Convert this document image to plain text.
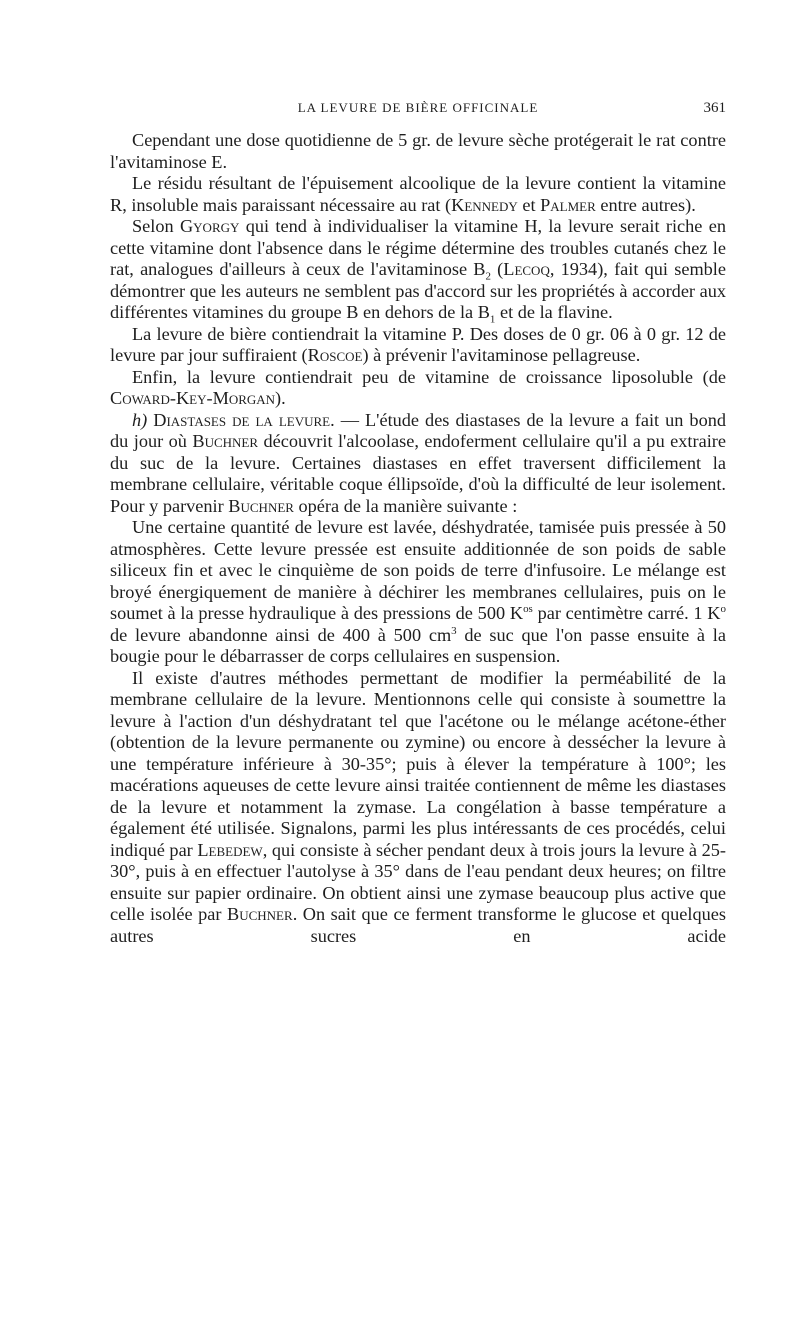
LA LEVURE DE BIÈRE OFFICINALE	361

Cependant une dose quotidienne de 5 gr. de levure sèche protégerait le rat contre l'avitaminose E.

Le résidu résultant de l'épuisement alcoolique de la levure contient la vitamine R, insoluble mais paraissant nécessaire au rat (Kennedy et Palmer entre autres).

Selon Gyorgy qui tend à individualiser la vitamine H, la levure serait riche en cette vitamine dont l'absence dans le régime détermine des troubles cutanés chez le rat, analogues d'ailleurs à ceux de l'avitaminose $B_2$ (Lecoq, 1934), fait qui semble démontrer que les auteurs ne semblent pas d'accord sur les propriétés à accorder aux différentes vitamines du groupe B en dehors de la $B_1$ et de la flavine.

La levure de bière contiendrait la vitamine P. Des doses de 0 gr. 06 à 0 gr. 12 de levure par jour suffiraient (Roscoe) à prévenir l'avitaminose pellagreuse.

Enfin, la levure contiendrait peu de vitamine de croissance liposoluble (de Coward-Key-Morgan).

h) Diastases de la levure. — L'étude des diastases de la levure a fait un bond du jour où Buchner découvrit l'alcoolase, endoferment cellulaire qu'il a pu extraire du suc de la levure. Certaines diastases en effet traversent difficilement la membrane cellulaire, véritable coque éllipsoïde, d'où la difficulté de leur isolement. Pour y parvenir Buchner opéra de la manière suivante :

Une certaine quantité de levure est lavée, déshydratée, tamisée puis pressée à 50 atmosphères. Cette levure pressée est ensuite additionnée de son poids de sable siliceux fin et avec le cinquième de son poids de terre d'infusoire. Le mélange est broyé énergiquement de manière à déchirer les membranes cellulaires, puis on le soumet à la presse hydraulique à des pressions de 500 $K^{os}$ par centimètre carré. 1 $K^o$ de levure abandonne ainsi de 400 à 500 $cm^3$ de suc que l'on passe ensuite à la bougie pour le débarrasser de corps cellulaires en suspension.

Il existe d'autres méthodes permettant de modifier la perméabilité de la membrane cellulaire de la levure. Mentionnons celle qui consiste à soumettre la levure à l'action d'un déshydratant tel que l'acétone ou le mélange acétone-éther (obtention de la levure permanente ou zymine) ou encore à dessécher la levure à une température inférieure à 30-35°; puis à élever la température à 100°; les macérations aqueuses de cette levure ainsi traitée contiennent de même les diastases de la levure et notamment la zymase. La congélation à basse température a également été utilisée. Signalons, parmi les plus intéressants de ces procédés, celui indiqué par Lebedew, qui consiste à sécher pendant deux à trois jours la levure à 25-30°, puis à en effectuer l'autolyse à 35° dans de l'eau pendant deux heures; on filtre ensuite sur papier ordinaire. On obtient ainsi une zymase beaucoup plus active que celle isolée par Buchner. On sait que ce ferment transforme le glucose et quelques autres sucres en acide
